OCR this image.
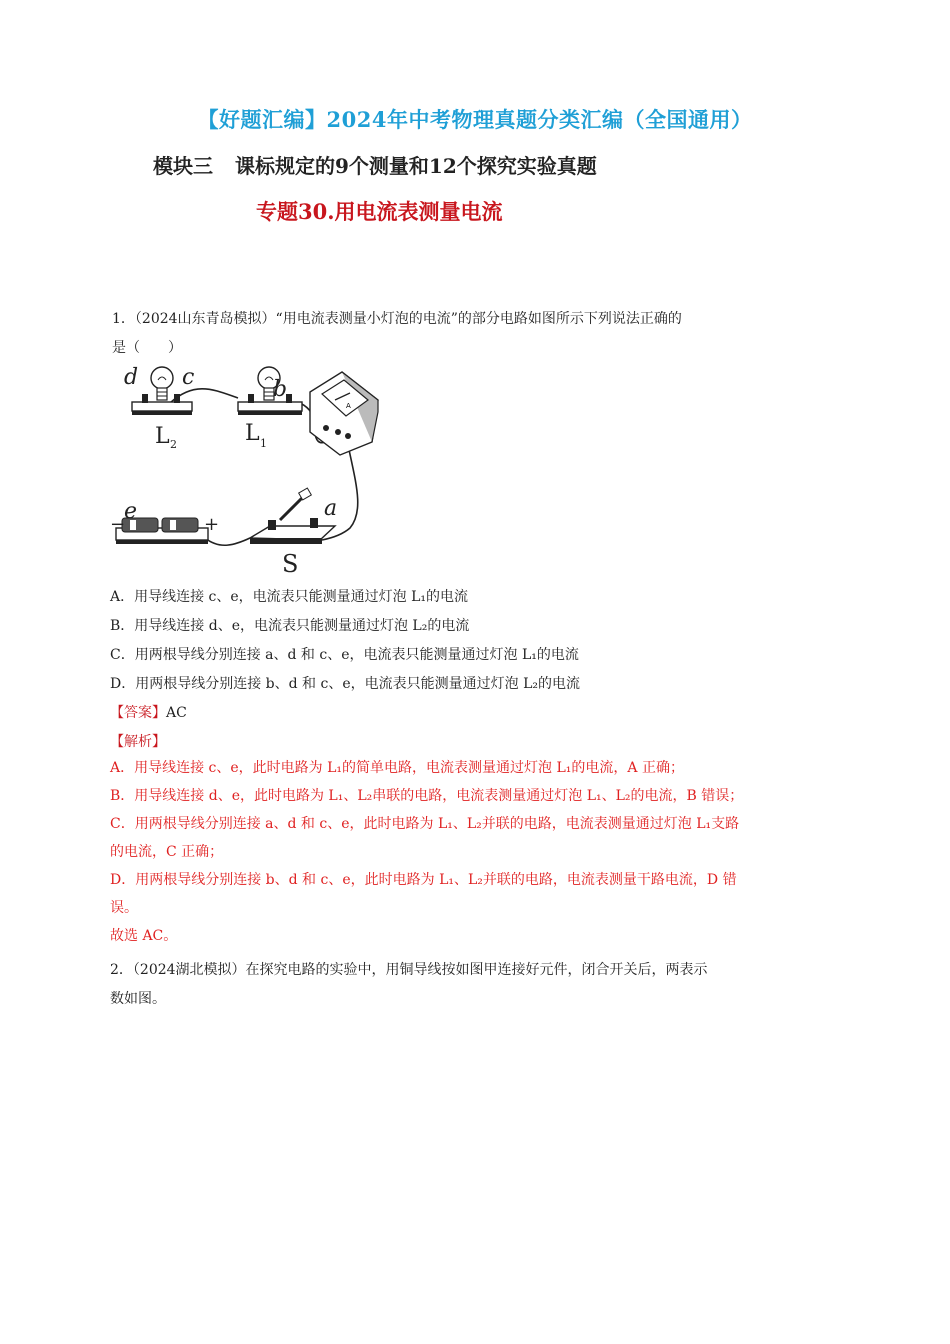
【好题汇编】2024年中考物理真题分类汇编（全国通用）
模块三 课标规定的9个测量和12个探究实验真题
专题30.用电流表测量电流
1．（2024山东青岛模拟）“用电流表测量小灯泡的电流”的部分电路如图所示下列说法正确的
是（　　）
A
d c	b
a
e
L 2	L 1
S
−	+
A．用导线连接 c、e，电流表只能测量通过灯泡 L₁的电流
B．用导线连接 d、e，电流表只能测量通过灯泡 L₂的电流
C．用两根导线分别连接 a、d 和 c、e，电流表只能测量通过灯泡 L₁的电流
D．用两根导线分别连接 b、d 和 c、e，电流表只能测量通过灯泡 L₂的电流
【答案】AC
【解析】
A．用导线连接 c、e，此时电路为 L₁的简单电路，电流表测量通过灯泡 L₁的电流，A 正确；
B．用导线连接 d、e，此时电路为 L₁、L₂串联的电路，电流表测量通过灯泡 L₁、L₂的电流，B 错误；
C．用两根导线分别连接 a、d 和 c、e，此时电路为 L₁、L₂并联的电路，电流表测量通过灯泡 L₁支路
的电流，C 正确；
D．用两根导线分别连接 b、d 和 c、e，此时电路为 L₁、L₂并联的电路，电流表测量干路电流，D 错
误。
故选 AC。
2．（2024湖北模拟）在探究电路的实验中，用铜导线按如图甲连接好元件，闭合开关后，两表示
数如图。
